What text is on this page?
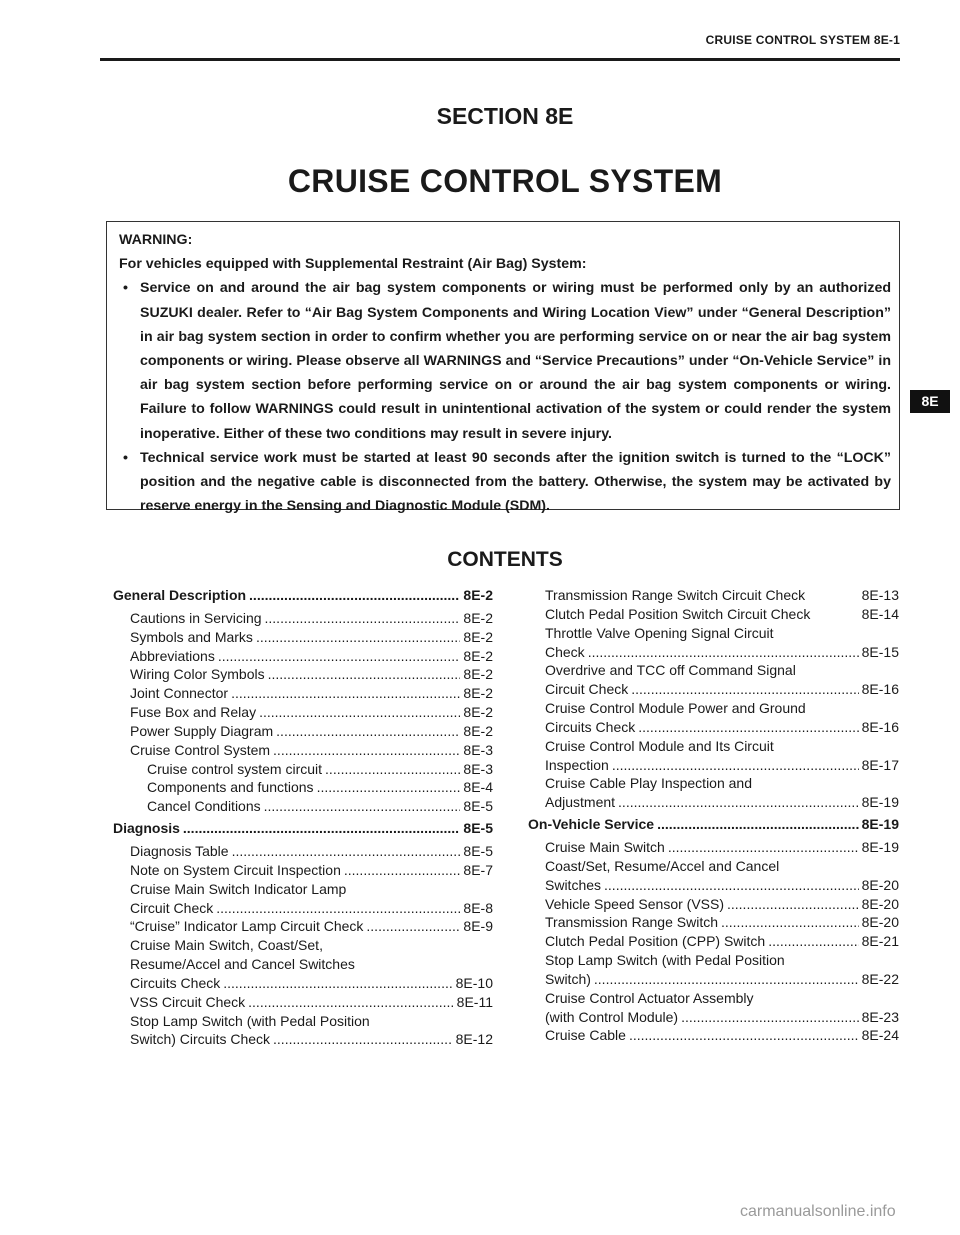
CRUISE CONTROL SYSTEM 8E-1
8E
SECTION 8E
CRUISE CONTROL SYSTEM

WARNING:

For vehicles equipped with Supplemental Restraint (Air Bag) System:

• Service on and around the air bag system components or wiring must be performed only by an authorized SUZUKI dealer. Refer to “Air Bag System Components and Wiring Location View” under “General Description” in air bag system section in order to confirm whether you are performing service on or near the air bag system components or wiring. Please observe all WARNINGS and “Service Precautions” under “On-Vehicle Service” in air bag system section before performing service on or around the air bag system components or wiring. Failure to follow WARNINGS could result in unintentional activation of the system or could render the system inoperative. Either of these two conditions may result in severe injury.
• Technical service work must be started at least 90 seconds after the ignition switch is turned to the “LOCK” position and the negative cable is disconnected from the battery. Otherwise, the system may be activated by reserve energy in the Sensing and Diagnostic Module (SDM).
CONTENTS
General Description .....	8E-2
Cautions in Servicing .....	8E-2
Symbols and Marks .....	8E-2
Abbreviations .....	8E-2
Wiring Color Symbols .....	8E-2
Joint Connector .....	8E-2
Fuse Box and Relay .....	8E-2
Power Supply Diagram .....	8E-2
Cruise Control System .....	8E-3
Cruise control system circuit .....	8E-3
Components and functions .....	8E-4
Cancel Conditions .....	8E-5
Diagnosis .....	8E-5
Diagnosis Table .....	8E-5
Note on System Circuit Inspection .....	8E-7
Cruise Main Switch Indicator Lamp
Circuit Check .....	8E-8
“Cruise” Indicator Lamp Circuit Check .....	8E-9
Cruise Main Switch, Coast/Set,
Resume/Accel and Cancel Switches
Circuits Check .....	8E-10
VSS Circuit Check .....	8E-11
Stop Lamp Switch (with Pedal Position
Switch) Circuits Check .....	8E-12
Transmission Range Switch Circuit Check	8E-13
Clutch Pedal Position Switch Circuit Check	8E-14
Throttle Valve Opening Signal Circuit
Check .....	8E-15
Overdrive and TCC off Command Signal
Circuit Check .....	8E-16
Cruise Control Module Power and Ground
Circuits Check .....	8E-16
Cruise Control Module and Its Circuit
Inspection .....	8E-17
Cruise Cable Play Inspection and
Adjustment .....	8E-19
On-Vehicle Service .....	8E-19
Cruise Main Switch .....	8E-19
Coast/Set, Resume/Accel and Cancel
Switches .....	8E-20
Vehicle Speed Sensor (VSS) .....	8E-20
Transmission Range Switch .....	8E-20
Clutch Pedal Position (CPP) Switch .....	8E-21
Stop Lamp Switch (with Pedal Position
Switch) .....	8E-22
Cruise Control Actuator Assembly
(with Control Module) .....	8E-23
Cruise Cable .....	8E-24
carmanualsonline.info
